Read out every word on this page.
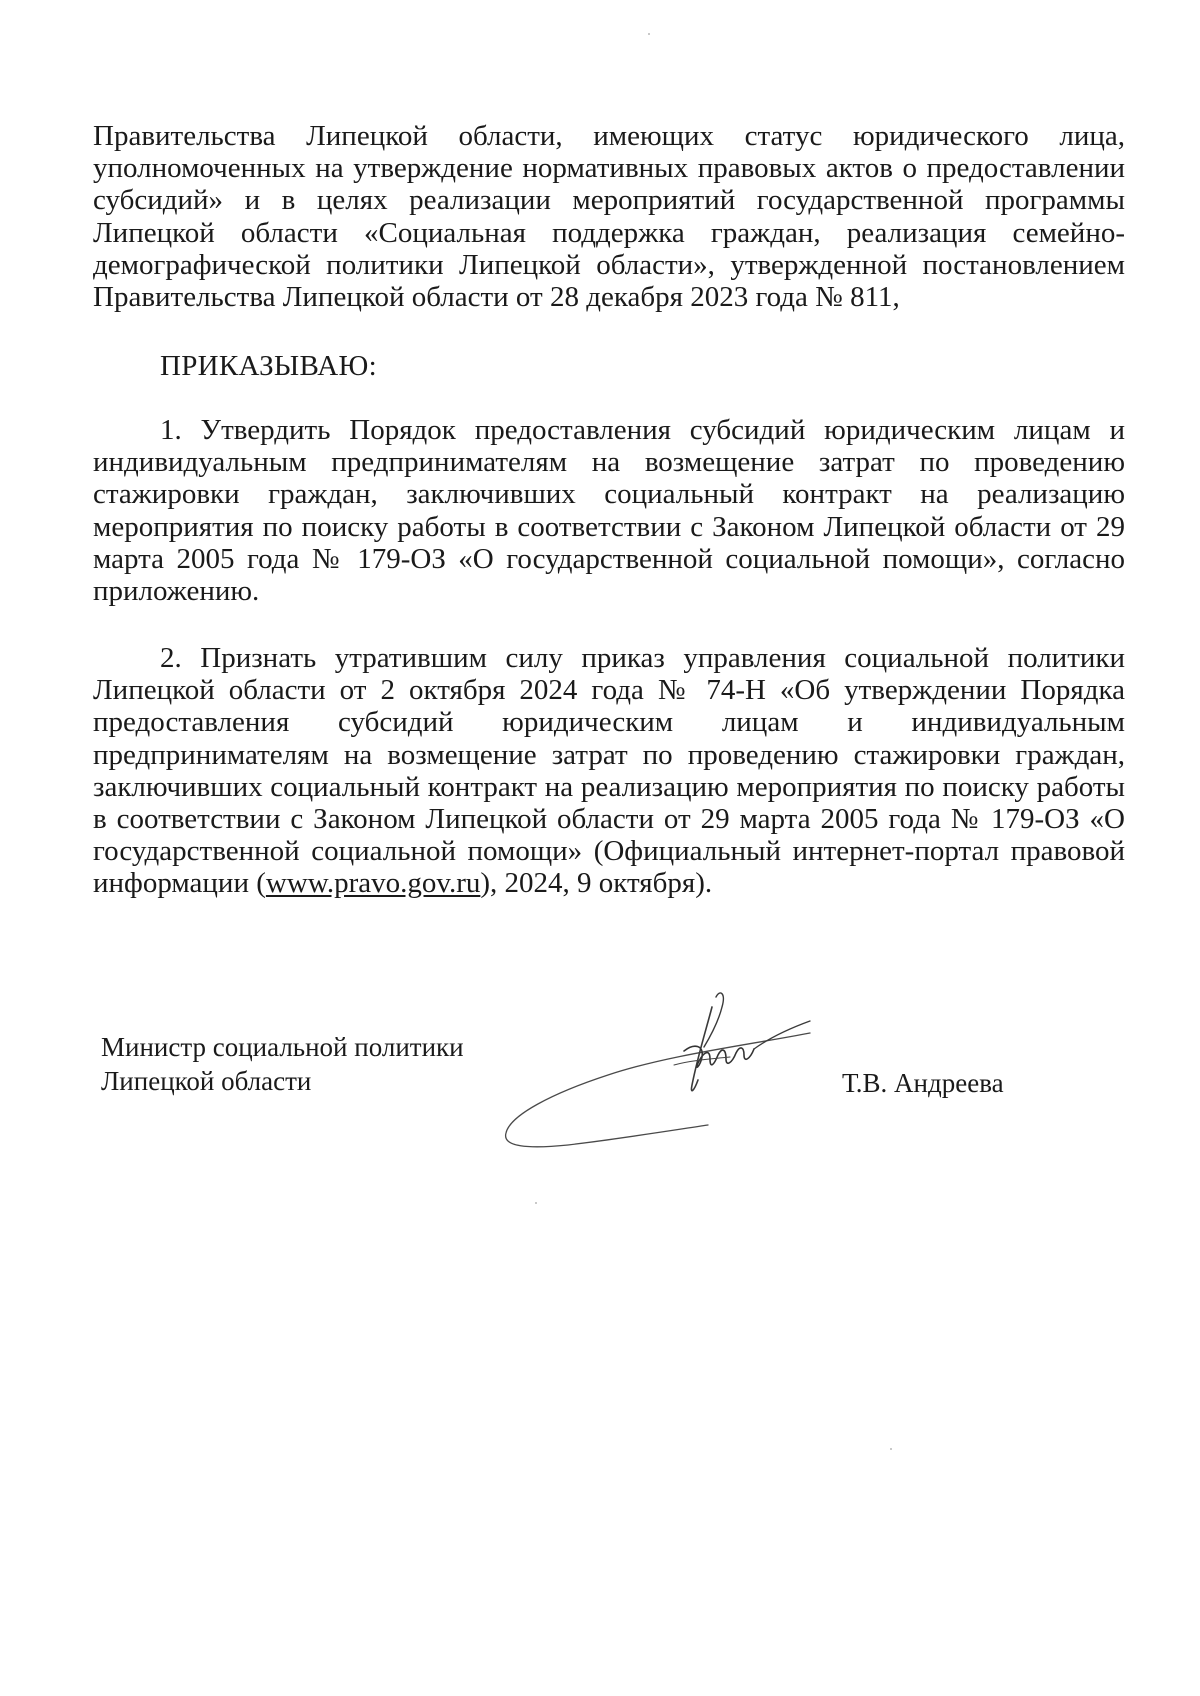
Правительства Липецкой области, имеющих статус юридического лица, уполномоченных на утверждение нормативных правовых актов о предоставлении субсидий» и в целях реализации мероприятий государственной программы Липецкой области «Социальная поддержка граждан, реализация семейно-демографической политики Липецкой области», утвержденной постановлением Правительства Липецкой области от 28 декабря 2023 года № 811,

ПРИКАЗЫВАЮ:

1. Утвердить Порядок предоставления субсидий юридическим лицам и индивидуальным предпринимателям на возмещение затрат по проведению стажировки граждан, заключивших социальный контракт на реализацию мероприятия по поиску работы в соответствии с Законом Липецкой области от 29 марта 2005 года № 179-ОЗ «О государственной социальной помощи», согласно приложению.

2. Признать утратившим силу приказ управления социальной политики Липецкой области от 2 октября 2024 года № 74-Н «Об утверждении Порядка предоставления субсидий юридическим лицам и индивидуальным предпринимателям на возмещение затрат по проведению стажировки граждан, заключивших социальный контракт на реализацию мероприятия по поиску работы в соответствии с Законом Липецкой области от 29 марта 2005 года № 179-ОЗ «О государственной социальной помощи» (Официальный интернет-портал правовой информации (www.pravo.gov.ru), 2024, 9 октября).

Министр социальной политики
Липецкой области	Т.В. Андреева
